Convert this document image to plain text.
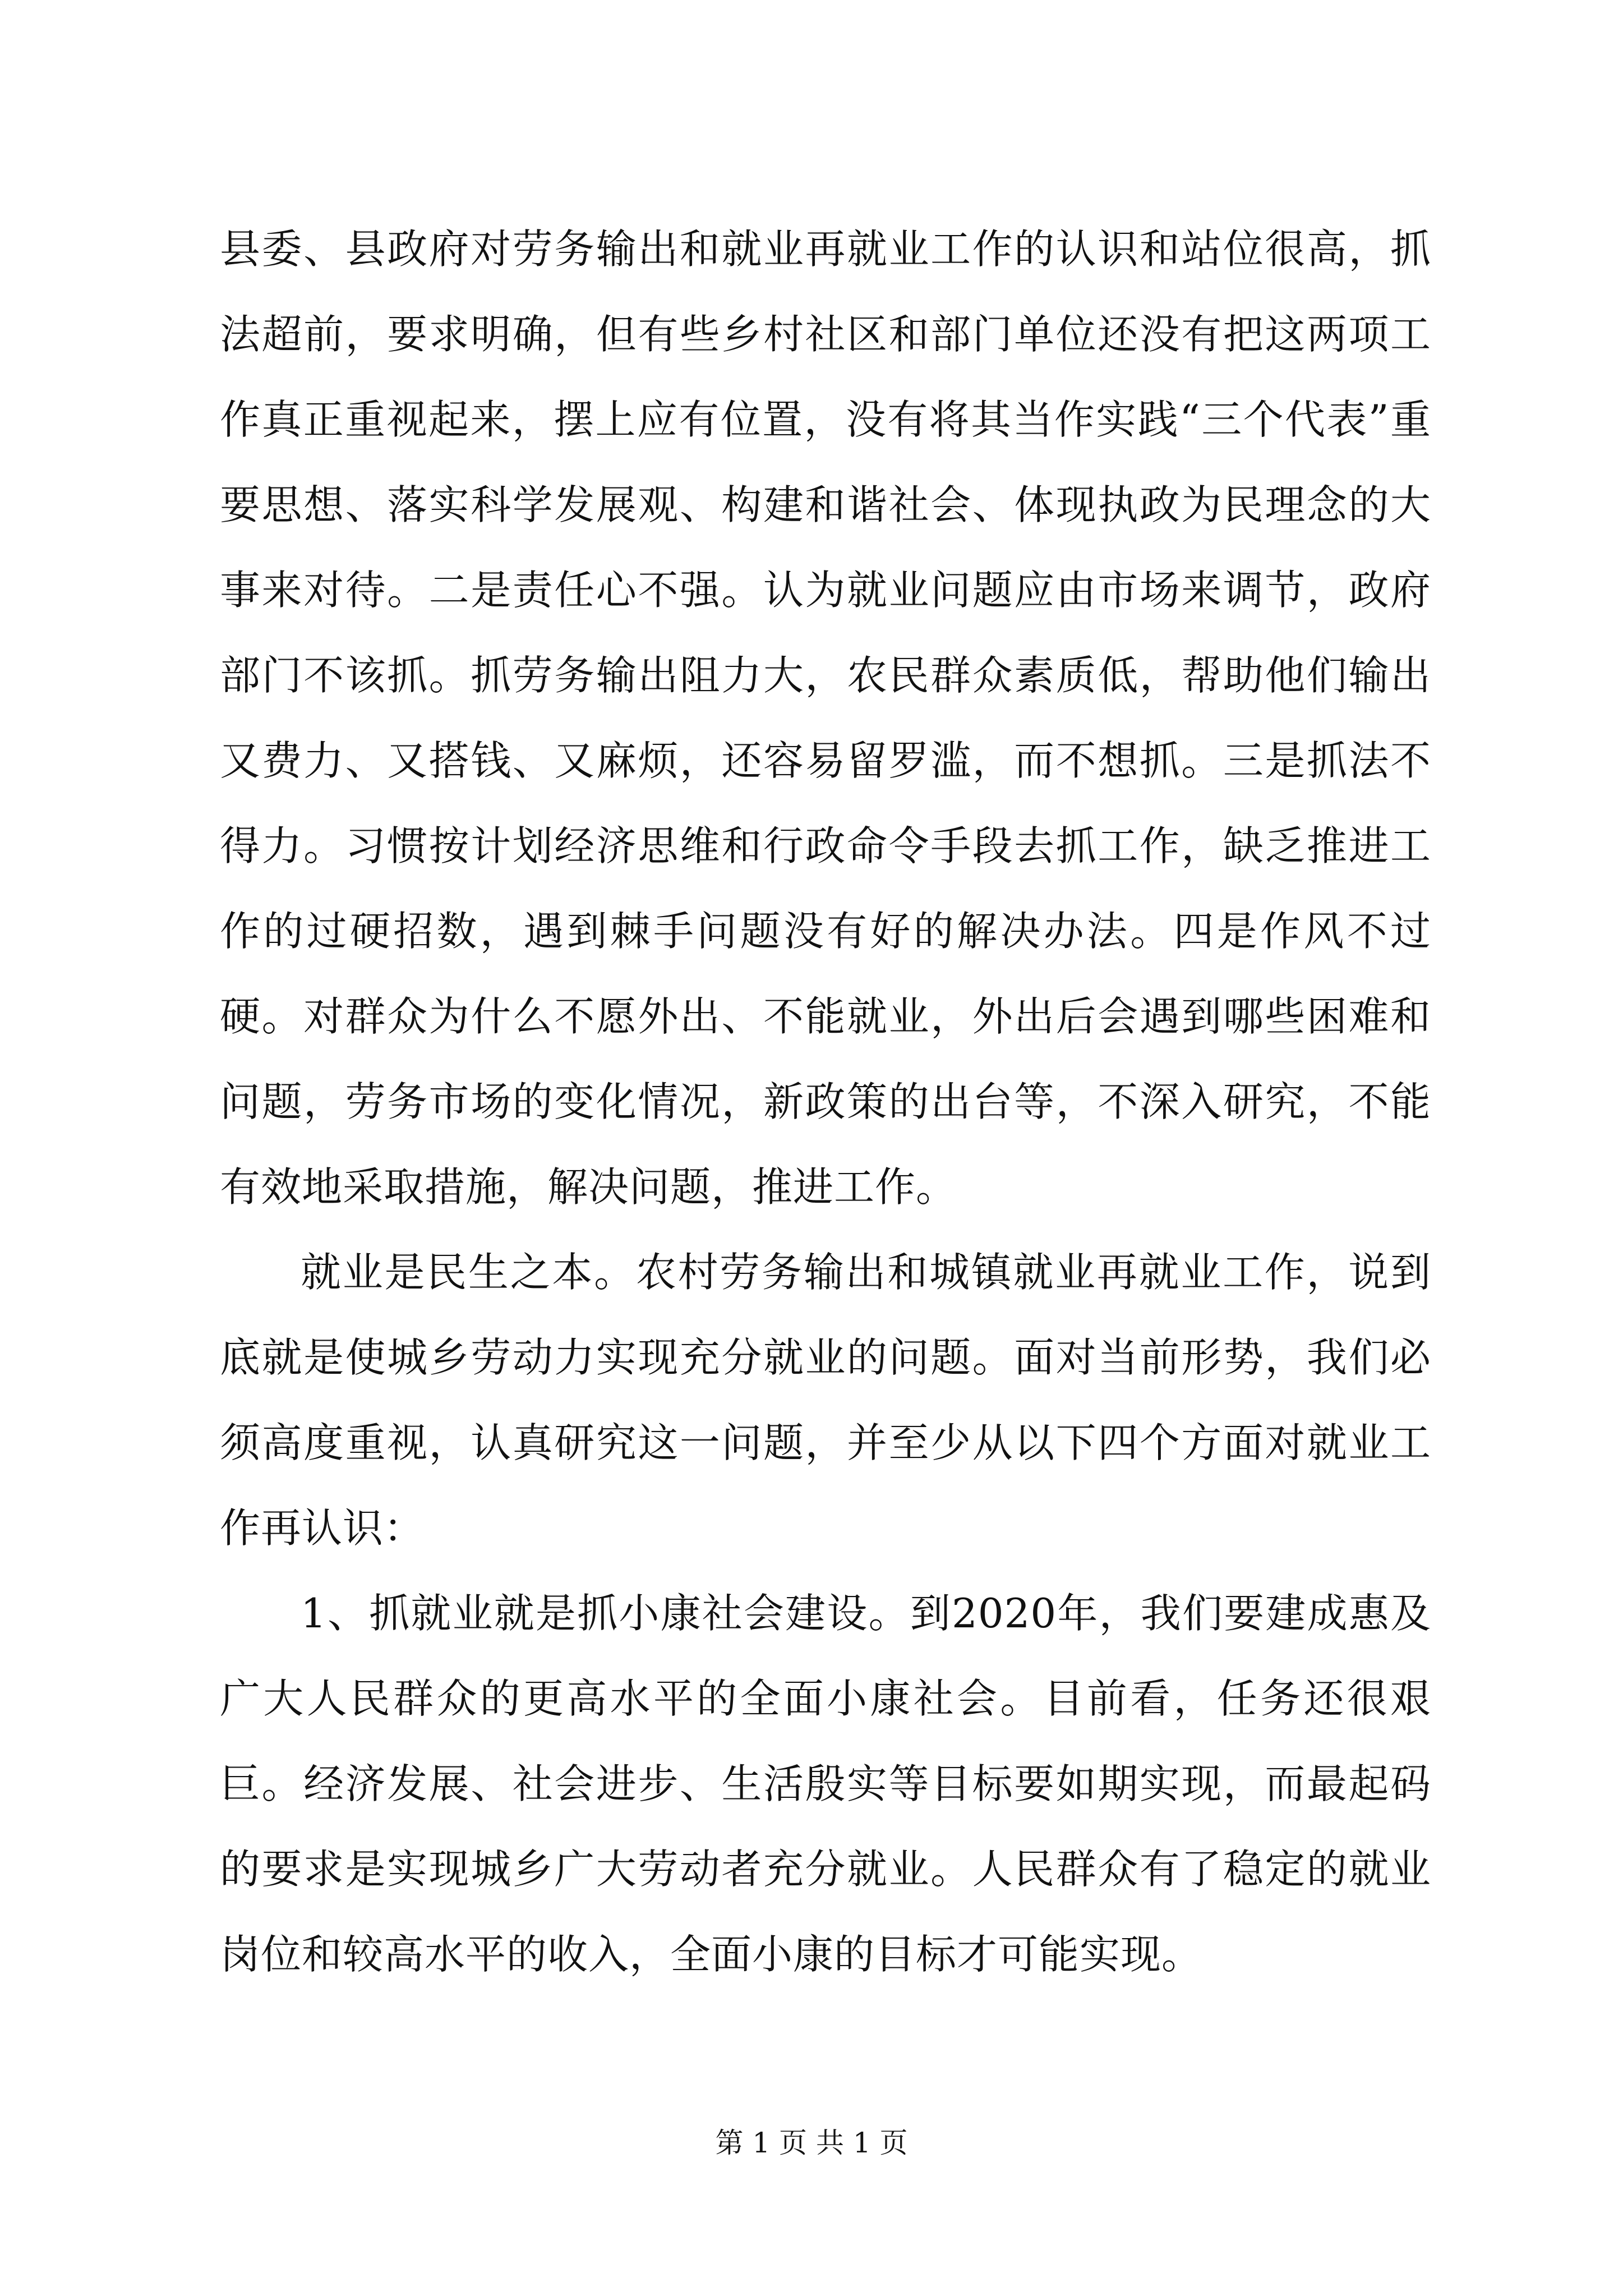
县委、县政府对劳务输出和就业再就业工作的认识和站位很高，抓法超前，要求明确，但有些乡村社区和部门单位还没有把这两项工作真正重视起来，摆上应有位置，没有将其当作实践“三个代表”重要思想、落实科学发展观、构建和谐社会、体现执政为民理念的大事来对待。二是责任心不强。认为就业问题应由市场来调节，政府部门不该抓。抓劳务输出阻力大，农民群众素质低，帮助他们输出又费力、又搭钱、又麻烦，还容易留罗滥，而不想抓。三是抓法不得力。习惯按计划经济思维和行政命令手段去抓工作，缺乏推进工作的过硬招数，遇到棘手问题没有好的解决办法。四是作风不过硬。对群众为什么不愿外出、不能就业，外出后会遇到哪些困难和问题，劳务市场的变化情况，新政策的出台等，不深入研究，不能有效地采取措施，解决问题，推进工作。

就业是民生之本。农村劳务输出和城镇就业再就业工作，说到底就是使城乡劳动力实现充分就业的问题。面对当前形势，我们必须高度重视，认真研究这一问题，并至少从以下四个方面对就业工作再认识：

1、抓就业就是抓小康社会建设。到2020年，我们要建成惠及广大人民群众的更高水平的全面小康社会。目前看，任务还很艰巨。经济发展、社会进步、生活殷实等目标要如期实现，而最起码的要求是实现城乡广大劳动者充分就业。人民群众有了稳定的就业岗位和较高水平的收入，全面小康的目标才可能实现。

第 1 页 共 1 页
